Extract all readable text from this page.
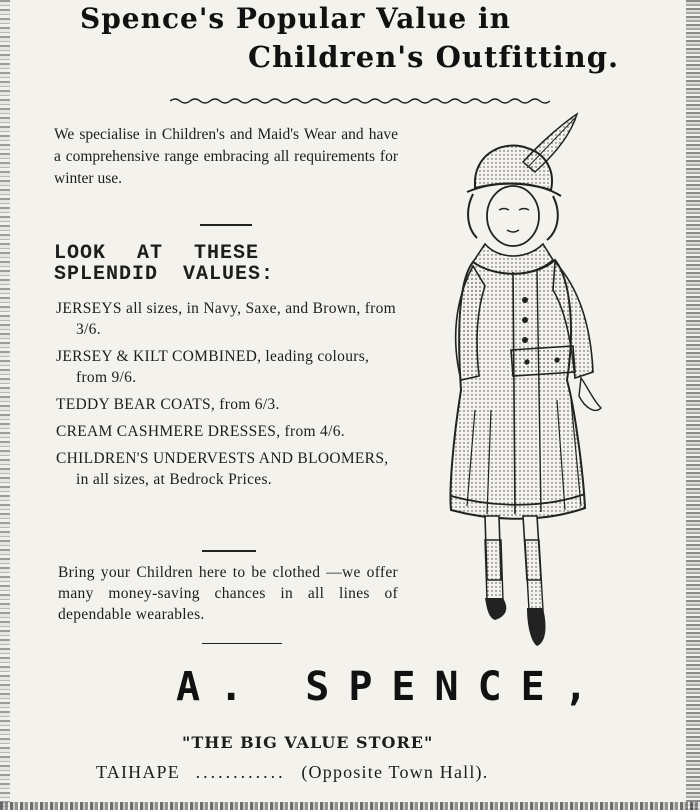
Spence's Popular Value in
Children's Outfitting.
We specialise in Children's and Maid's Wear and have a comprehensive range embracing all requirements for winter use.
LOOK AT THESE
SPLENDID VALUES:
JERSEYS all sizes, in Navy, Saxe, and Brown, from 3/6.
JERSEY & KILT COMBINED, leading colours, from 9/6.
TEDDY BEAR COATS, from 6/3.
CREAM CASHMERE DRESSES, from 4/6.
CHILDREN'S UNDERVESTS AND BLOOMERS, in all sizes, at Bedrock Prices.
Bring your Children here to be clothed —we offer many money-saving chances in all lines of dependable wearables.
A. SPENCE,
"THE BIG VALUE STORE"
TAIHAPE ............ (Opposite Town Hall).
